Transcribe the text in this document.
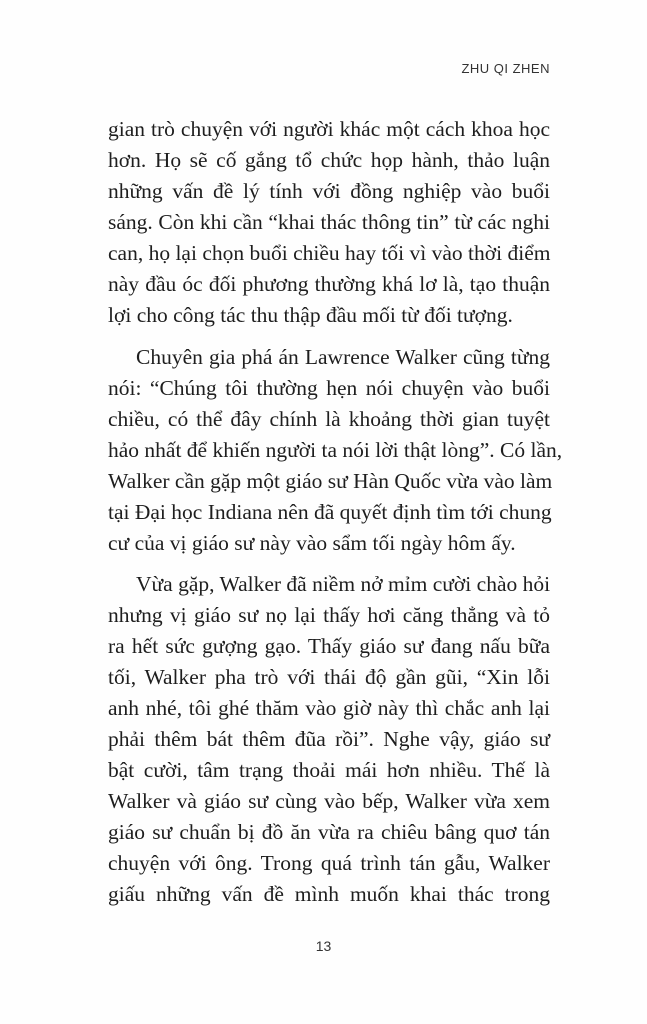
ZHU QI ZHEN
gian trò chuyện với người khác một cách khoa học
hơn. Họ sẽ cố gắng tổ chức họp hành, thảo luận
những vấn đề lý tính với đồng nghiệp vào buổi
sáng. Còn khi cần “khai thác thông tin” từ các nghi
can, họ lại chọn buổi chiều hay tối vì vào thời điểm
này đầu óc đối phương thường khá lơ là, tạo thuận
lợi cho công tác thu thập đầu mối từ đối tượng.
Chuyên gia phá án Lawrence Walker cũng từng
nói: “Chúng tôi thường hẹn nói chuyện vào buổi
chiều, có thể đây chính là khoảng thời gian tuyệt
hảo nhất để khiến người ta nói lời thật lòng”. Có lần,
Walker cần gặp một giáo sư Hàn Quốc vừa vào làm
tại Đại học Indiana nên đã quyết định tìm tới chung
cư của vị giáo sư này vào sẩm tối ngày hôm ấy.
Vừa gặp, Walker đã niềm nở mỉm cười chào hỏi
nhưng vị giáo sư nọ lại thấy hơi căng thẳng và tỏ
ra hết sức gượng gạo. Thấy giáo sư đang nấu bữa
tối, Walker pha trò với thái độ gần gũi, “Xin lỗi
anh nhé, tôi ghé thăm vào giờ này thì chắc anh lại
phải thêm bát thêm đũa rồi”. Nghe vậy, giáo sư
bật cười, tâm trạng thoải mái hơn nhiều. Thế là
Walker và giáo sư cùng vào bếp, Walker vừa xem
giáo sư chuẩn bị đồ ăn vừa ra chiêu bâng quơ tán
chuyện với ông. Trong quá trình tán gẫu, Walker
giấu những vấn đề mình muốn khai thác trong
13
